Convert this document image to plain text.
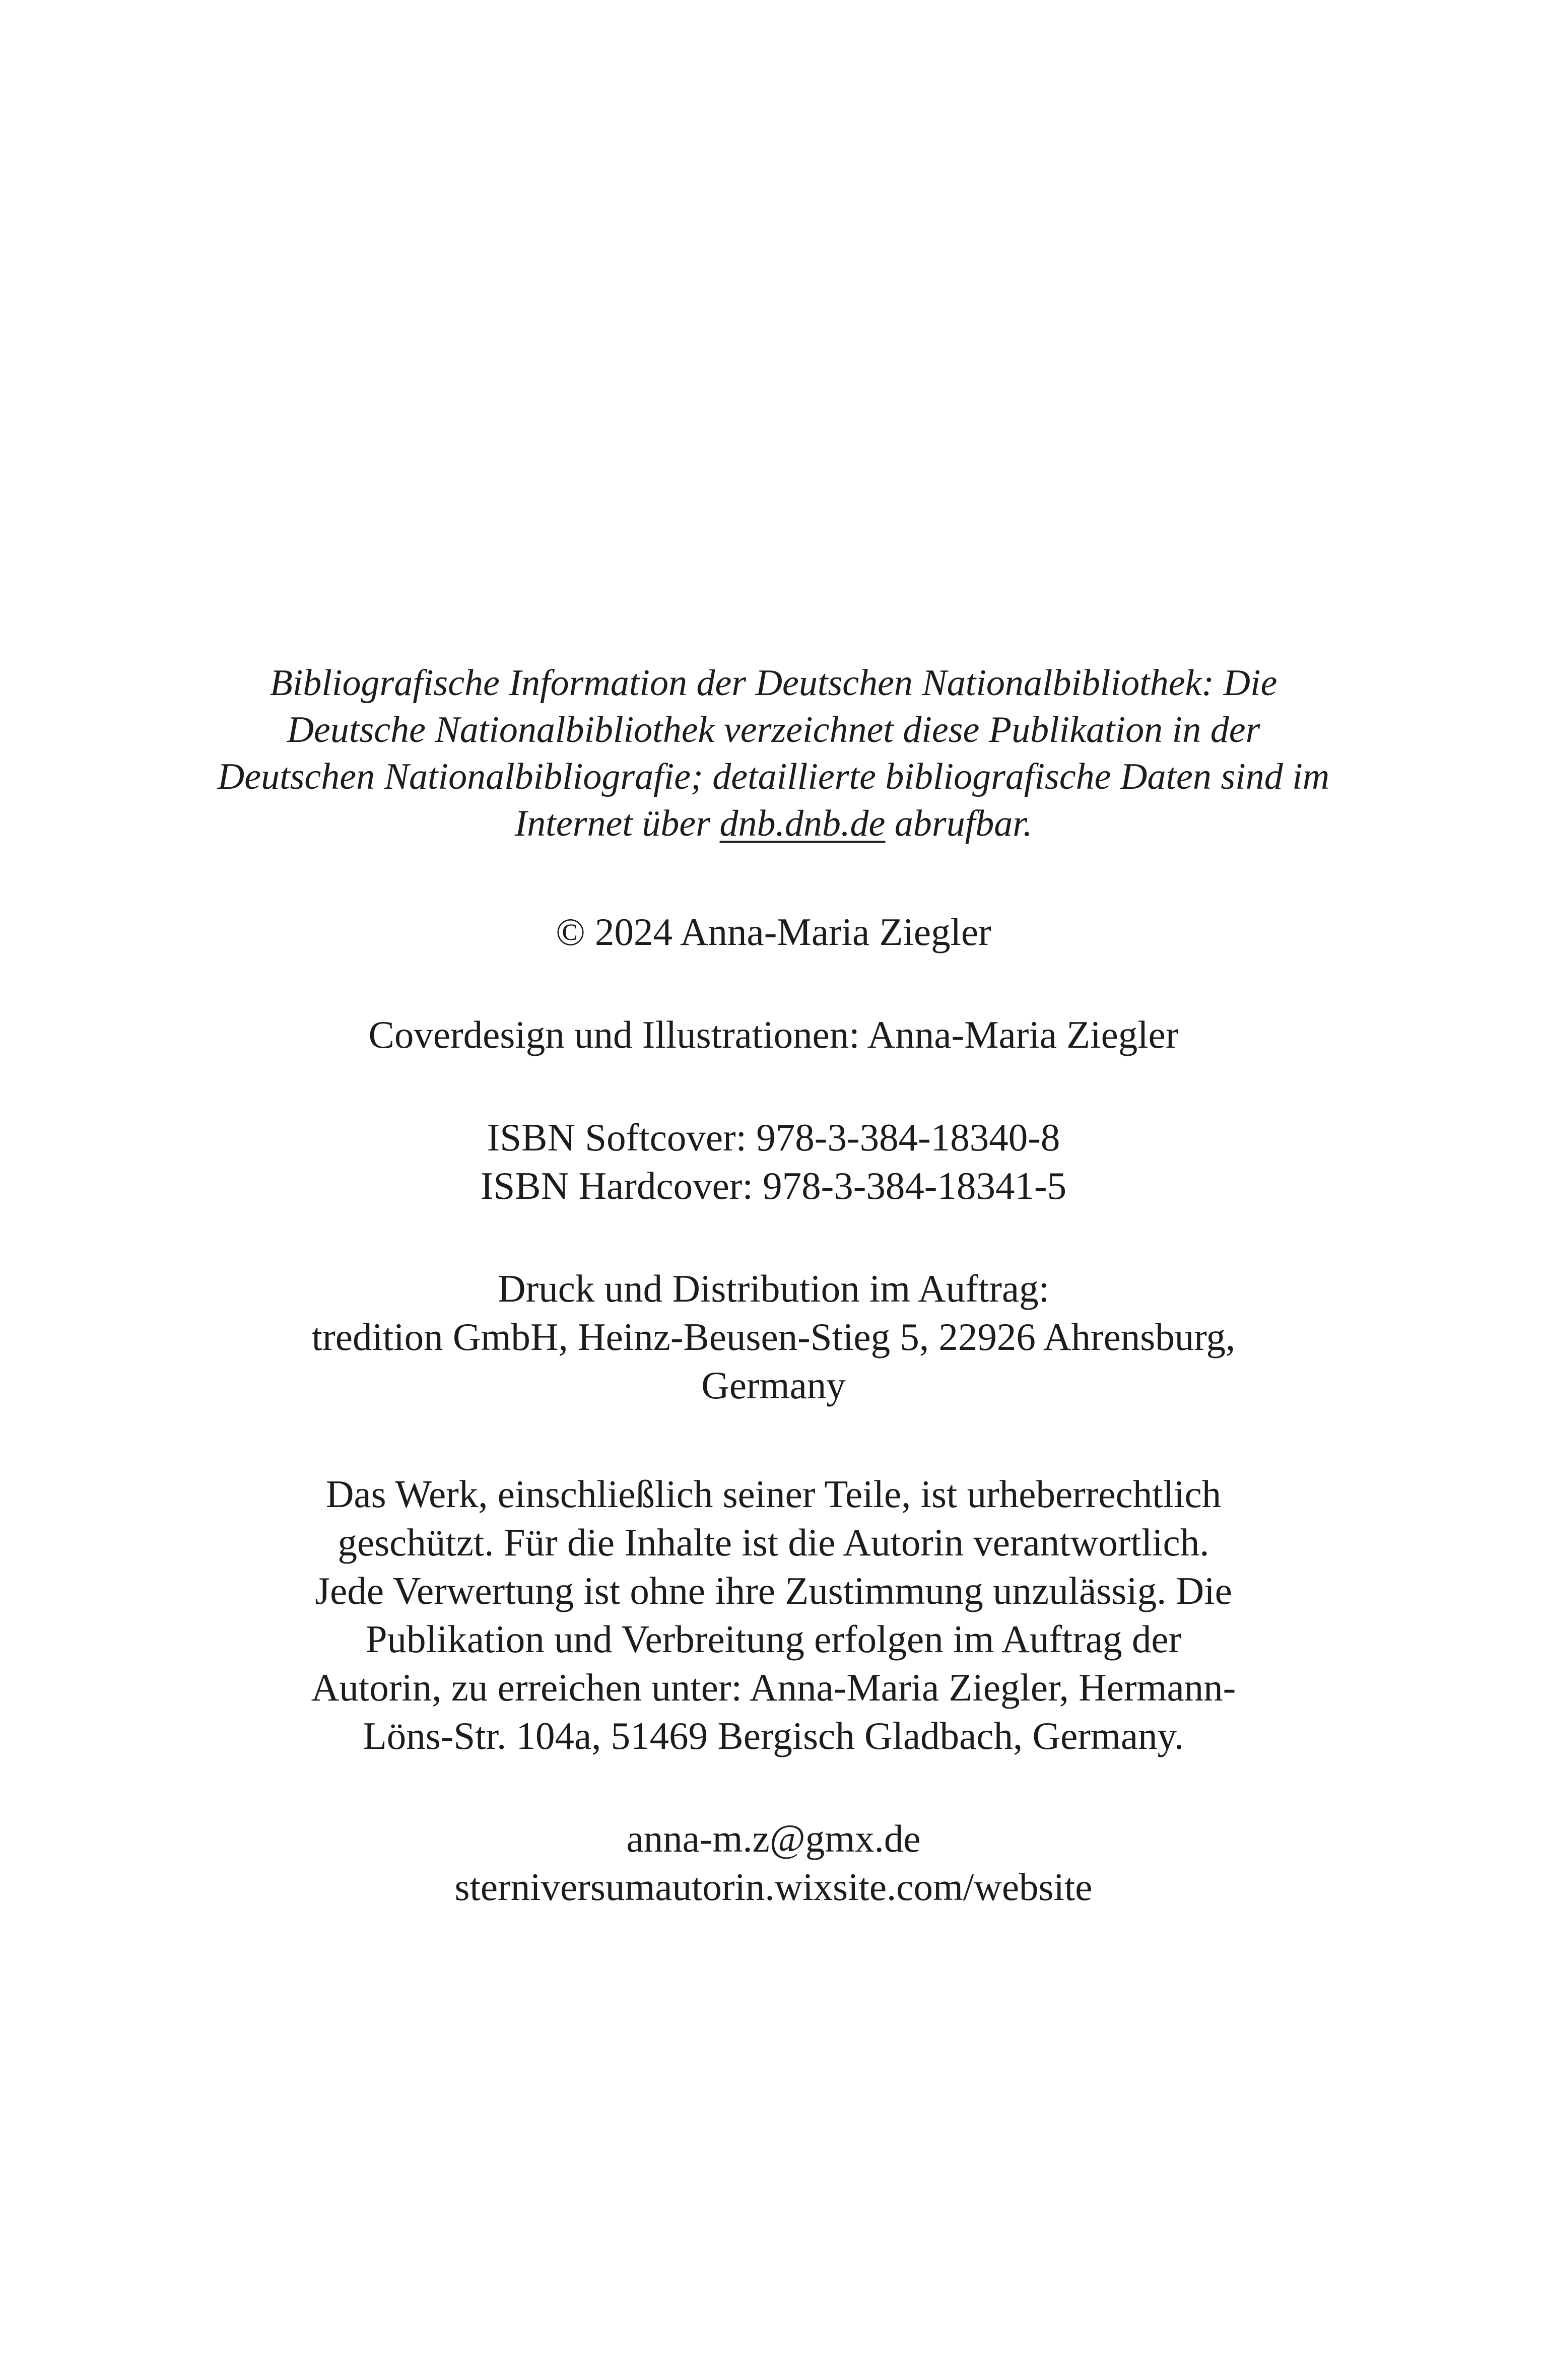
Bibliografische Information der Deutschen Nationalbibliothek: Die
Deutsche Nationalbibliothek verzeichnet diese Publikation in der
Deutschen Nationalbibliografie; detaillierte bibliografische Daten sind im
Internet über dnb.dnb.de abrufbar.
© 2024 Anna-Maria Ziegler
Coverdesign und Illustrationen: Anna-Maria Ziegler
ISBN Softcover: 978-3-384-18340-8
ISBN Hardcover: 978-3-384-18341-5
Druck und Distribution im Auftrag:
tredition GmbH, Heinz-Beusen-Stieg 5, 22926 Ahrensburg,
Germany
Das Werk, einschließlich seiner Teile, ist urheberrechtlich
geschützt. Für die Inhalte ist die Autorin verantwortlich.
Jede Verwertung ist ohne ihre Zustimmung unzulässig. Die
Publikation und Verbreitung erfolgen im Auftrag der
Autorin, zu erreichen unter: Anna-Maria Ziegler, Hermann-
Löns-Str. 104a, 51469 Bergisch Gladbach, Germany.
anna-m.z@gmx.de
sterniversumautorin.wixsite.com/website
